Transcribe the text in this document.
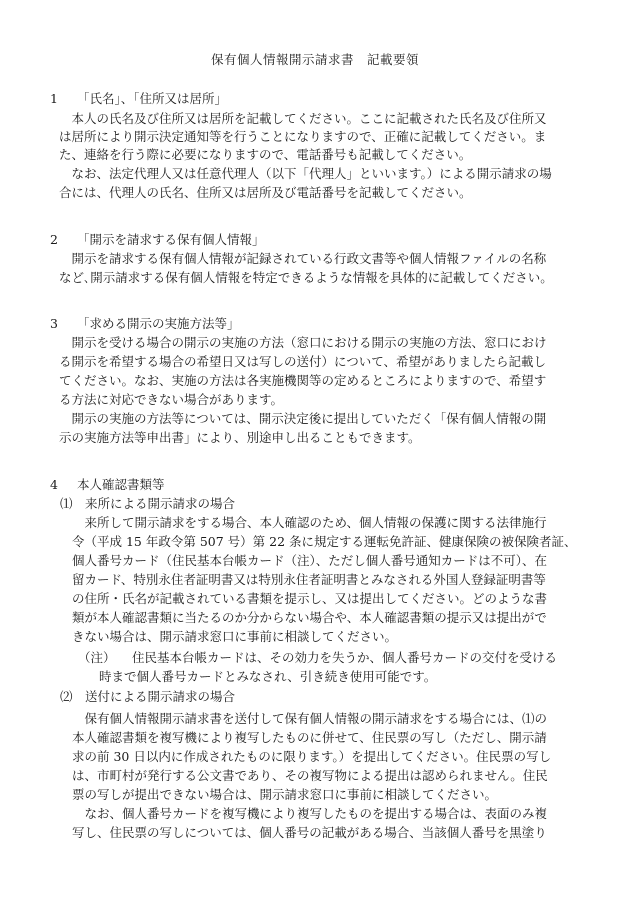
保有個人情報開示請求書　記載要領
1 「氏名」、「住所又は居所」
　本人の氏名及び住所又は居所を記載してください。ここに記載された氏名及び住所又
は居所により開示決定通知等を行うことになりますので、正確に記載してください。ま
た、連絡を行う際に必要になりますので、電話番号も記載してください。
　なお、法定代理人又は任意代理人（以下「代理人」といいます。）による開示請求の場
合には、代理人の氏名、住所又は居所及び電話番号を記載してください。
2 「開示を請求する保有個人情報」
　開示を請求する保有個人情報が記録されている行政文書等や個人情報ファイルの名称
など､開示請求する保有個人情報を特定できるような情報を具体的に記載してください。
3 「求める開示の実施方法等」
　開示を受ける場合の開示の実施の方法（窓口における開示の実施の方法、窓口におけ
る開示を希望する場合の希望日又は写しの送付）について、希望がありましたら記載し
てください。なお、実施の方法は各実施機関等の定めるところによりますので、希望す
る方法に対応できない場合があります。
　開示の実施の方法等については、開示決定後に提出していただく「保有個人情報の開
示の実施方法等申出書」により、別途申し出ることもできます。
4 本人確認書類等
⑴ 来所による開示請求の場合
　来所して開示請求をする場合、本人確認のため、個人情報の保護に関する法律施行
令（平成 15 年政令第 507 号）第 22 条に規定する運転免許証、健康保険の被保険者証、
個人番号カード（住民基本台帳カード（注）、ただし個人番号通知カードは不可）、在
留カード、特別永住者証明書又は特別永住者証明書とみなされる外国人登録証明書等
の住所・氏名が記載されている書類を提示し、又は提出してください。どのような書
類が本人確認書類に当たるのか分からない場合や、本人確認書類の提示又は提出がで
きない場合は、開示請求窓口に事前に相談してください。
（注） 住民基本台帳カードは、その効力を失うか、個人番号カードの交付を受ける
時まで個人番号カードとみなされ、引き続き使用可能です。
⑵ 送付による開示請求の場合
　保有個人情報開示請求書を送付して保有個人情報の開示請求をする場合には、⑴の
本人確認書類を複写機により複写したものに併せて、住民票の写し（ただし、開示請
求の前 30 日以内に作成されたものに限ります。）を提出してください。住民票の写し
は、市町村が発行する公文書であり、その複写物による提出は認められません。住民
票の写しが提出できない場合は、開示請求窓口に事前に相談してください。
　なお、個人番号カードを複写機により複写したものを提出する場合は、表面のみ複
写し、住民票の写しについては、個人番号の記載がある場合、当該個人番号を黒塗り
